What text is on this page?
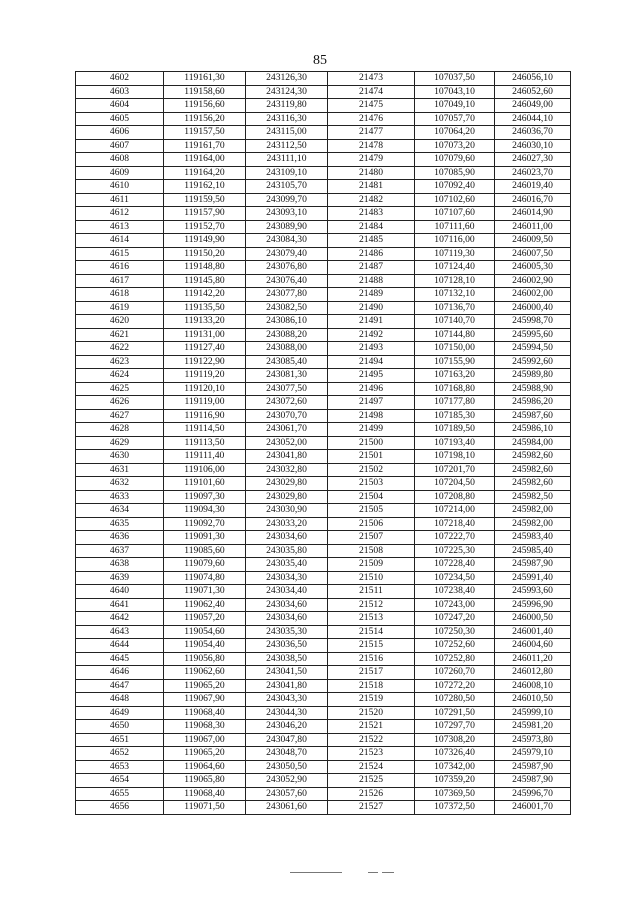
85
4602	119161,30	243126,30	21473	107037,50	246056,10
4603	119158,60	243124,30	21474	107043,10	246052,60
4604	119156,60	243119,80	21475	107049,10	246049,00
4605	119156,20	243116,30	21476	107057,70	246044,10
4606	119157,50	243115,00	21477	107064,20	246036,70
4607	119161,70	243112,50	21478	107073,20	246030,10
4608	119164,00	243111,10	21479	107079,60	246027,30
4609	119164,20	243109,10	21480	107085,90	246023,70
4610	119162,10	243105,70	21481	107092,40	246019,40
4611	119159,50	243099,70	21482	107102,60	246016,70
4612	119157,90	243093,10	21483	107107,60	246014,90
4613	119152,70	243089,90	21484	107111,60	246011,00
4614	119149,90	243084,30	21485	107116,00	246009,50
4615	119150,20	243079,40	21486	107119,30	246007,50
4616	119148,80	243076,80	21487	107124,40	246005,30
4617	119145,80	243076,40	21488	107128,10	246002,90
4618	119142,20	243077,80	21489	107132,10	246002,00
4619	119135,50	243082,50	21490	107136,70	246000,40
4620	119133,20	243086,10	21491	107140,70	245998,70
4621	119131,00	243088,20	21492	107144,80	245995,60
4622	119127,40	243088,00	21493	107150,00	245994,50
4623	119122,90	243085,40	21494	107155,90	245992,60
4624	119119,20	243081,30	21495	107163,20	245989,80
4625	119120,10	243077,50	21496	107168,80	245988,90
4626	119119,00	243072,60	21497	107177,80	245986,20
4627	119116,90	243070,70	21498	107185,30	245987,60
4628	119114,50	243061,70	21499	107189,50	245986,10
4629	119113,50	243052,00	21500	107193,40	245984,00
4630	119111,40	243041,80	21501	107198,10	245982,60
4631	119106,00	243032,80	21502	107201,70	245982,60
4632	119101,60	243029,80	21503	107204,50	245982,60
4633	119097,30	243029,80	21504	107208,80	245982,50
4634	119094,30	243030,90	21505	107214,00	245982,00
4635	119092,70	243033,20	21506	107218,40	245982,00
4636	119091,30	243034,60	21507	107222,70	245983,40
4637	119085,60	243035,80	21508	107225,30	245985,40
4638	119079,60	243035,40	21509	107228,40	245987,90
4639	119074,80	243034,30	21510	107234,50	245991,40
4640	119071,30	243034,40	21511	107238,40	245993,60
4641	119062,40	243034,60	21512	107243,00	245996,90
4642	119057,20	243034,60	21513	107247,20	246000,50
4643	119054,60	243035,30	21514	107250,30	246001,40
4644	119054,40	243036,50	21515	107252,60	246004,60
4645	119056,80	243038,50	21516	107252,80	246011,20
4646	119062,60	243041,50	21517	107260,70	246012,80
4647	119065,20	243041,80	21518	107272,20	246008,10
4648	119067,90	243043,30	21519	107280,50	246010,50
4649	119068,40	243044,30	21520	107291,50	245999,10
4650	119068,30	243046,20	21521	107297,70	245981,20
4651	119067,00	243047,80	21522	107308,20	245973,80
4652	119065,20	243048,70	21523	107326,40	245979,10
4653	119064,60	243050,50	21524	107342,00	245987,90
4654	119065,80	243052,90	21525	107359,20	245987,90
4655	119068,40	243057,60	21526	107369,50	245996,70
4656	119071,50	243061,60	21527	107372,50	246001,70
